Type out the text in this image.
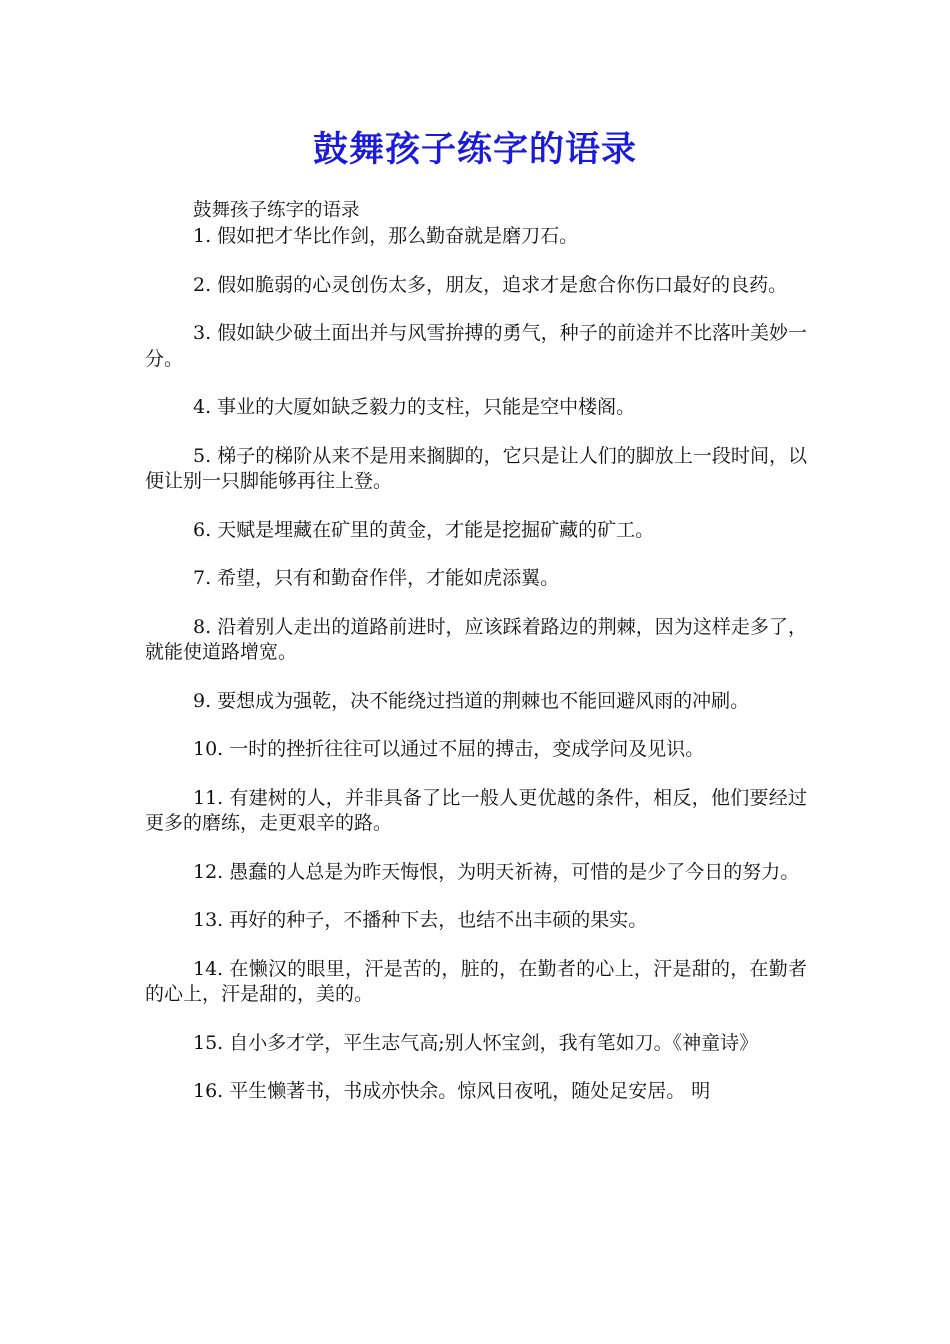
鼓舞孩子练字的语录

鼓舞孩子练字的语录

1. 假如把才华比作剑，那么勤奋就是磨刀石。

2. 假如脆弱的心灵创伤太多，朋友，追求才是愈合你伤口最好的良药。

3. 假如缺少破土面出并与风雪拚搏的勇气，种子的前途并不比落叶美妙一分。

4. 事业的大厦如缺乏毅力的支柱，只能是空中楼阁。

5. 梯子的梯阶从来不是用来搁脚的，它只是让人们的脚放上一段时间，以便让别一只脚能够再往上登。

6. 天赋是埋藏在矿里的黄金，才能是挖掘矿藏的矿工。

7. 希望，只有和勤奋作伴，才能如虎添翼。

8. 沿着别人走出的道路前进时，应该踩着路边的荆棘，因为这样走多了，就能使道路增宽。

9. 要想成为强乾，决不能绕过挡道的荆棘也不能回避风雨的冲刷。

10. 一时的挫折往往可以通过不屈的搏击，变成学问及见识。

11. 有建树的人，并非具备了比一般人更优越的条件，相反，他们要经过更多的磨练，走更艰辛的路。

12. 愚蠢的人总是为昨天悔恨，为明天祈祷，可惜的是少了今日的努力。

13. 再好的种子，不播种下去，也结不出丰硕的果实。

14. 在懒汉的眼里，汗是苦的，脏的，在勤者的心上，汗是甜的，在勤者的心上，汗是甜的，美的。

15. 自小多才学，平生志气高;别人怀宝剑，我有笔如刀。《神童诗》

16. 平生懒著书，书成亦快余。惊风日夜吼，随处足安居。 明
